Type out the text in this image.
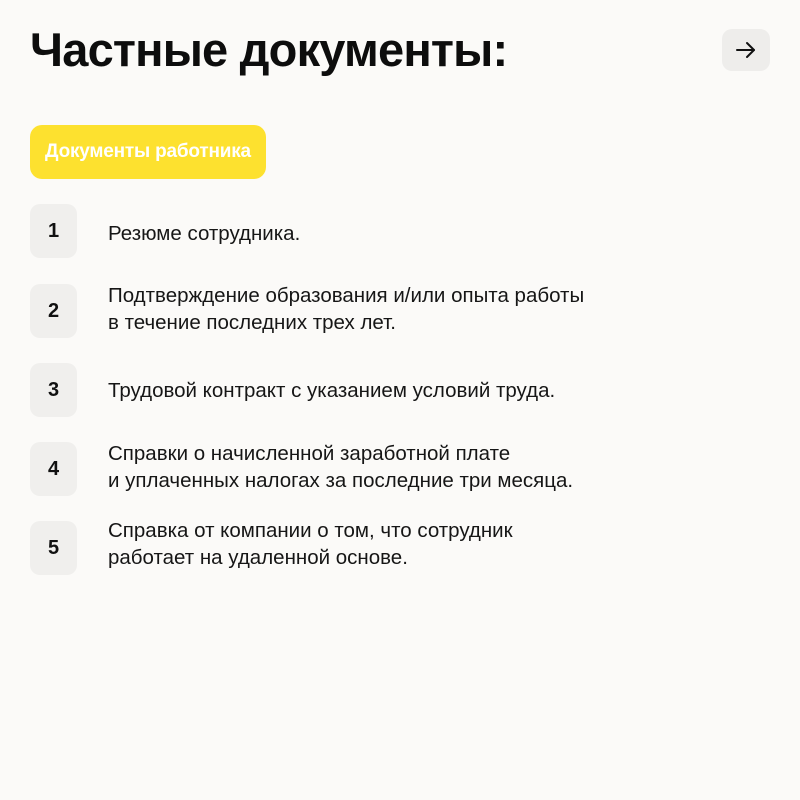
Частные документы:
Документы работника
1	Резюме сотрудника.
2
Подтверждение образования и/или опыта работы
в течение последних трех лет.
3	Трудовой контракт с указанием условий труда.
4
Справки о начисленной заработной плате
и уплаченных налогах за последние три месяца.
5
Справка от компании о том, что сотрудник
работает на удаленной основе.
